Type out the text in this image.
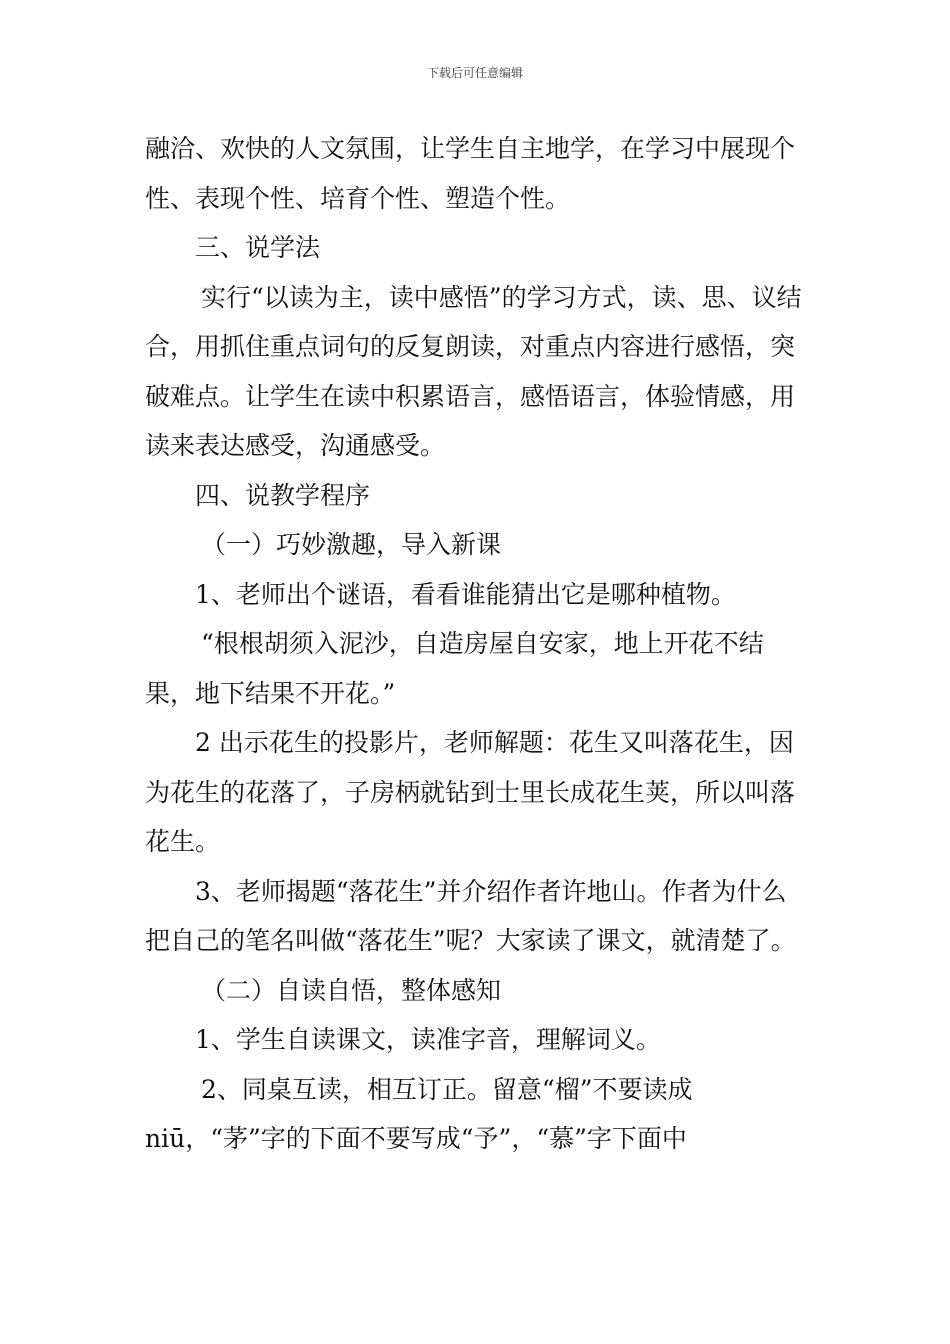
下载后可任意编辑

融洽、欢快的人文氛围，让学生自主地学，在学习中展现个性、表现个性、培育个性、塑造个性。

三、说学法

实行“以读为主，读中感悟”的学习方式，读、思、议结合，用抓住重点词句的反复朗读，对重点内容进行感悟，突破难点。让学生在读中积累语言，感悟语言，体验情感，用读来表达感受，沟通感受。

四、说教学程序

（一）巧妙激趣，导入新课

1、老师出个谜语，看看谁能猜出它是哪种植物。

“根根胡须入泥沙，自造房屋自安家，地上开花不结果，地下结果不开花。”

2 出示花生的投影片，老师解题：花生又叫落花生，因为花生的花落了，子房柄就钻到士里长成花生荚，所以叫落花生。

3、老师揭题“落花生”并介绍作者许地山。作者为什么把自己的笔名叫做“落花生”呢？大家读了课文，就清楚了。

（二）自读自悟，整体感知

1、学生自读课文，读准字音，理解词义。

2、同桌互读，相互订正。留意“榴”不要读成niū，“茅”字的下面不要写成“予”，“慕”字下面中
